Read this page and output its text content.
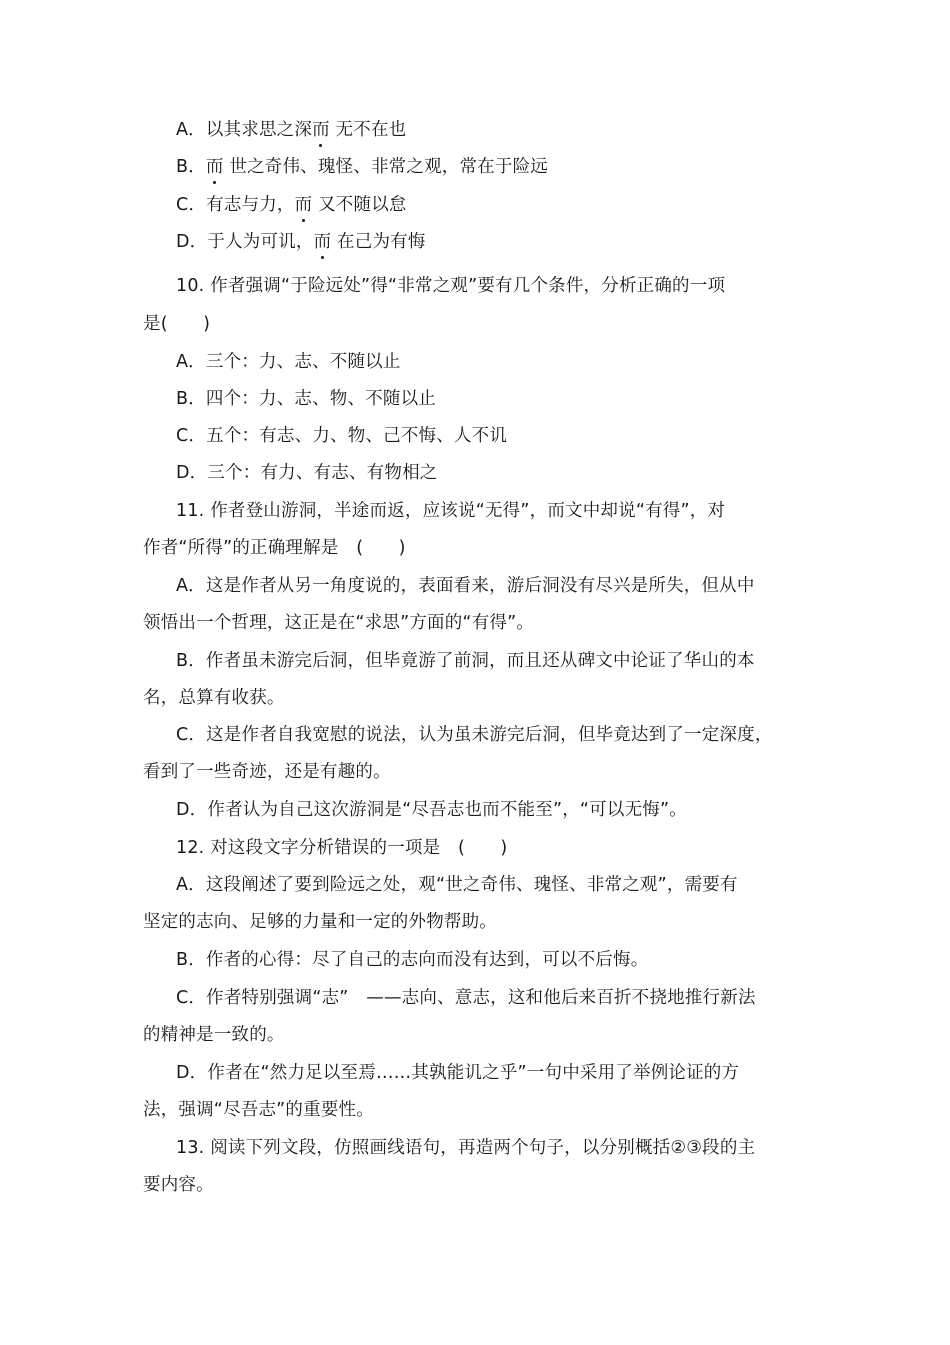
A．以其求思之深而 无不在也
B．而 世之奇伟、瑰怪、非常之观，常在于险远
C．有志与力，而 又不随以怠
D．于人为可讥，而 在己为有悔
10. 作者强调“于险远处”得“非常之观”要有几个条件，分析正确的一项
是(　　)
A．三个：力、志、不随以止
B．四个：力、志、物、不随以止
C．五个：有志、力、物、己不悔、人不讥
D．三个：有力、有志、有物相之
11. 作者登山游洞，半途而返，应该说“无得”，而文中却说“有得”，对
作者“所得”的正确理解是　(　　)
A．这是作者从另一角度说的，表面看来，游后洞没有尽兴是所失，但从中
领悟出一个哲理，这正是在“求思”方面的“有得”。
B．作者虽未游完后洞，但毕竟游了前洞，而且还从碑文中论证了华山的本
名，总算有收获。
C．这是作者自我宽慰的说法，认为虽未游完后洞，但毕竟达到了一定深度，
看到了一些奇迹，还是有趣的。
D．作者认为自己这次游洞是“尽吾志也而不能至”，“可以无悔”。
12. 对这段文字分析错误的一项是　(　　)
A．这段阐述了要到险远之处，观“世之奇伟、瑰怪、非常之观”，需要有
坚定的志向、足够的力量和一定的外物帮助。
B．作者的心得：尽了自己的志向而没有达到，可以不后悔。
C．作者特别强调“志”　——志向、意志，这和他后来百折不挠地推行新法
的精神是一致的。
D．作者在“然力足以至焉……其孰能讥之乎”一句中采用了举例论证的方
法，强调“尽吾志”的重要性。
13. 阅读下列文段，仿照画线语句，再造两个句子，以分别概括②③段的主
要内容。
